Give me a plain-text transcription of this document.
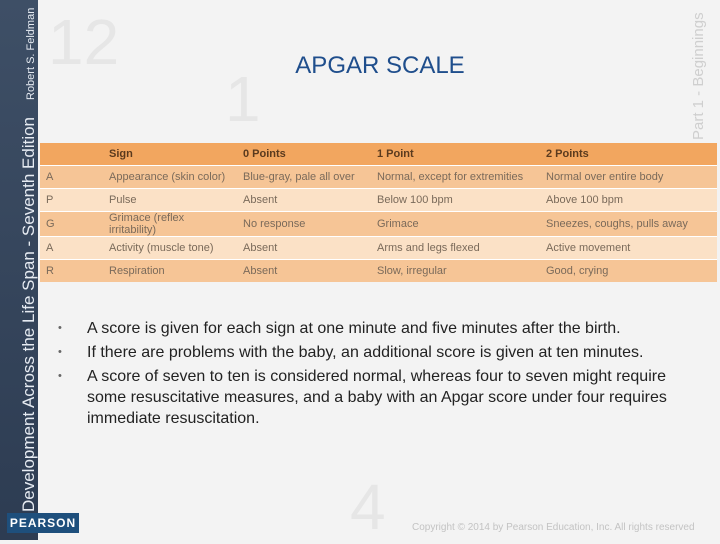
Development Across the Life Span - Seventh Edition
Robert S. Feldman
PEARSON
12
1
4
Part 1 - Beginnings
APGAR SCALE
	Sign	0 Points	1 Point	2 Points
A	Appearance (skin color)	Blue-gray, pale all over	Normal, except for extremities	Normal over entire body
P	Pulse	Absent	Below 100 bpm	Above 100 bpm
G	Grimace (reflex irritability)	No response	Grimace	Sneezes, coughs, pulls away
A	Activity (muscle tone)	Absent	Arms and legs flexed	Active movement
R	Respiration	Absent	Slow, irregular	Good, crying
• A score is given for each sign at one minute and five minutes after the birth.
• If there are problems with the baby, an additional score is given at ten minutes.
• A score of seven to ten is considered normal, whereas four to seven might require some resuscitative measures, and a baby with an Apgar score under four requires immediate resuscitation.
Copyright © 2014 by Pearson Education, Inc. All rights reserved
